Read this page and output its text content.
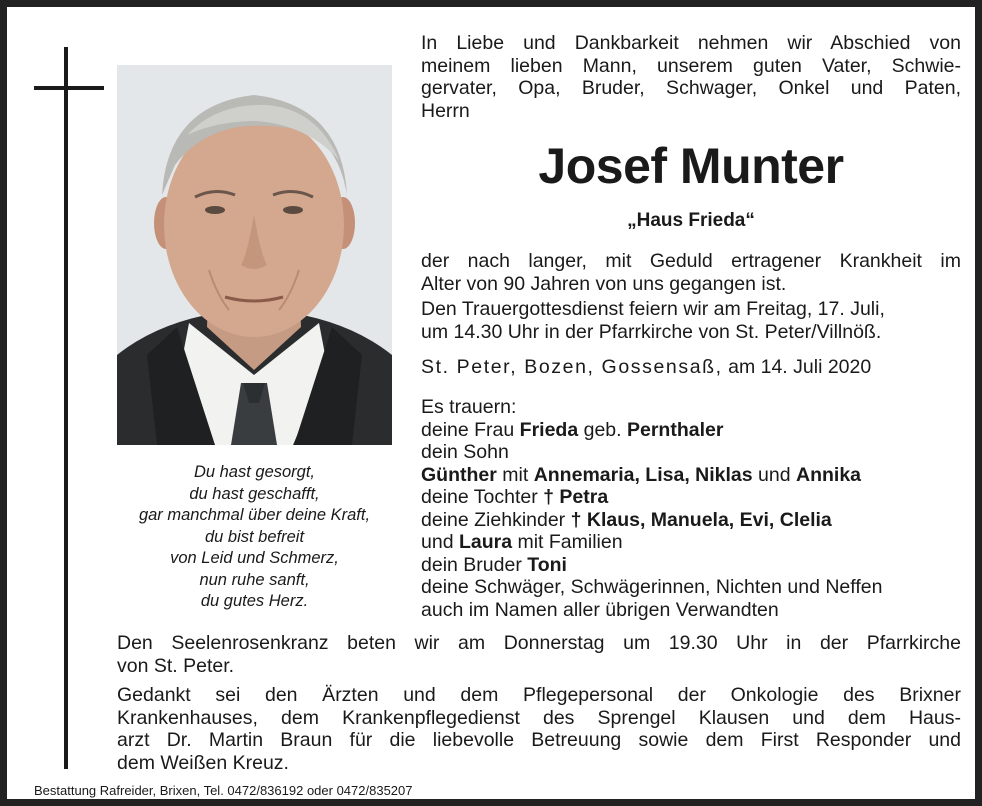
Du hast gesorgt,
du hast geschafft,
gar manchmal über deine Kraft,
du bist befreit
von Leid und Schmerz,
nun ruhe sanft,
du gutes Herz.
In Liebe und Dankbarkeit nehmen wir Abschied von
meinem lieben Mann, unserem guten Vater, Schwie-
gervater, Opa, Bruder, Schwager, Onkel und Paten,
Herrn
Josef Munter
„Haus Frieda“
der nach langer, mit Geduld ertragener Krankheit im
Alter von 90 Jahren von uns gegangen ist.
Den Trauergottesdienst feiern wir am Freitag, 17. Juli,
um 14.30 Uhr in der Pfarrkirche von St. Peter/Villnöß.
St. Peter, Bozen, Gossensaß, am 14. Juli 2020
Es trauern:
deine Frau Frieda geb. Pernthaler
dein Sohn
Günther mit Annemaria, Lisa, Niklas und Annika
deine Tochter † Petra
deine Ziehkinder † Klaus, Manuela, Evi, Clelia
und Laura mit Familien
dein Bruder Toni
deine Schwäger, Schwägerinnen, Nichten und Neffen
auch im Namen aller übrigen Verwandten
Den Seelenrosenkranz beten wir am Donnerstag um 19.30 Uhr in der Pfarrkirche
von St. Peter.
Gedankt sei den Ärzten und dem Pflegepersonal der Onkologie des Brixner
Krankenhauses, dem Krankenpflegedienst des Sprengel Klausen und dem Haus-
arzt Dr. Martin Braun für die liebevolle Betreuung sowie dem First Responder und
dem Weißen Kreuz.
Bestattung Rafreider, Brixen, Tel. 0472/836192 oder 0472/835207
